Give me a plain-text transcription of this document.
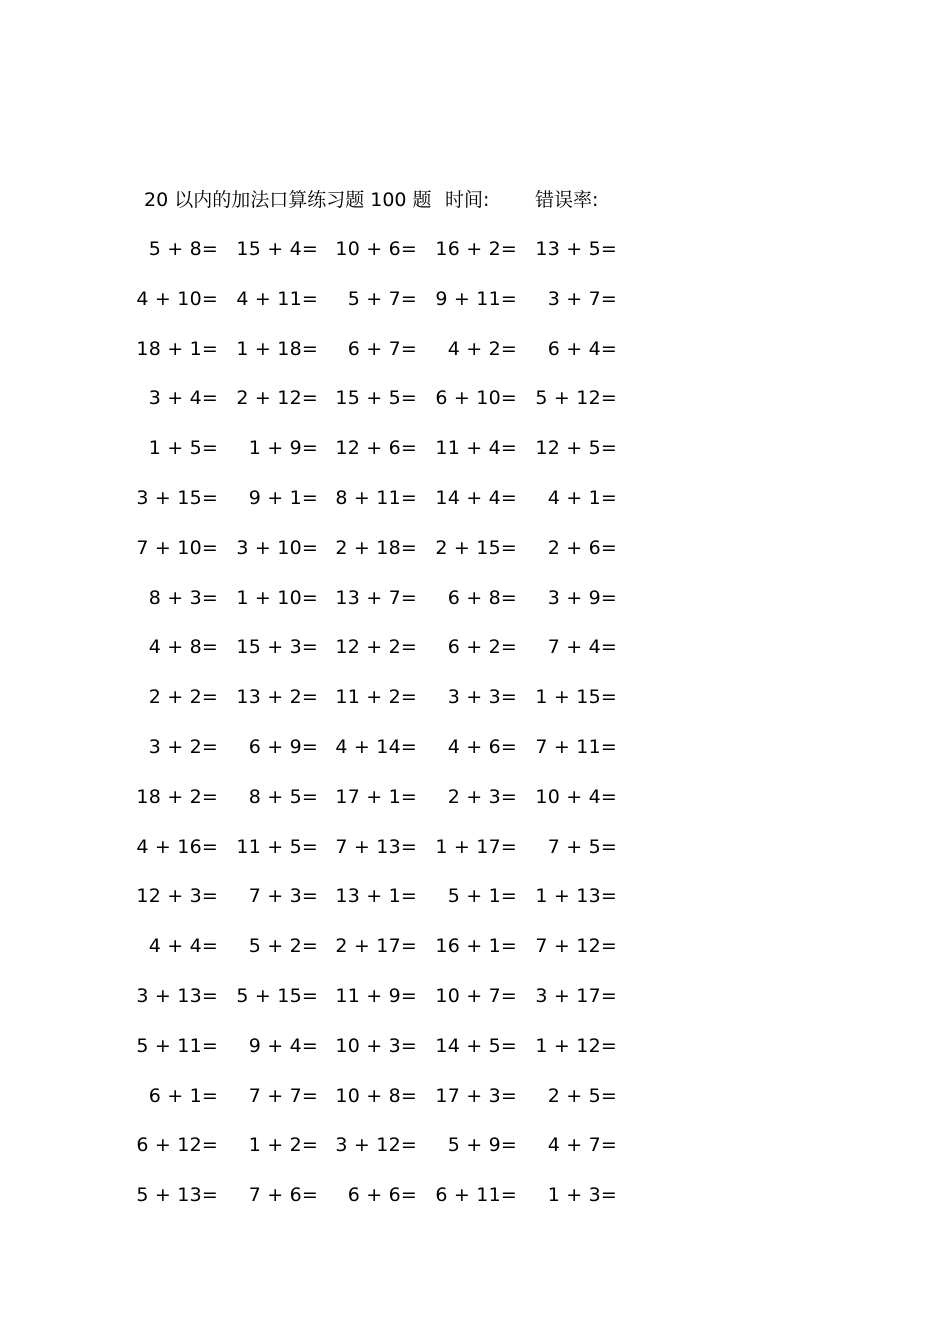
20 以内的加法口算练习题 100 题 时间: 错误率:
5 + 8= 15 + 4= 10 + 6= 16 + 2= 13 + 5=
4 + 10= 4 + 11=	5 + 7= 9 + 11=	3 + 7=
18 + 1= 1 + 18=	6 + 7=	4 + 2=	6 + 4=
3 + 4= 2 + 12= 15 + 5= 6 + 10= 5 + 12=
1 + 5=	1 + 9= 12 + 6= 11 + 4= 12 + 5=
3 + 15=	9 + 1= 8 + 11= 14 + 4=	4 + 1=
7 + 10= 3 + 10= 2 + 18= 2 + 15=	2 + 6=
8 + 3= 1 + 10= 13 + 7=	6 + 8=	3 + 9=
4 + 8= 15 + 3= 12 + 2=	6 + 2=	7 + 4=
2 + 2= 13 + 2= 11 + 2=	3 + 3= 1 + 15=
3 + 2=	6 + 9= 4 + 14=	4 + 6= 7 + 11=
18 + 2=	8 + 5= 17 + 1=	2 + 3= 10 + 4=
4 + 16= 11 + 5= 7 + 13= 1 + 17=	7 + 5=
12 + 3=	7 + 3= 13 + 1=	5 + 1= 1 + 13=
4 + 4=	5 + 2= 2 + 17= 16 + 1= 7 + 12=
3 + 13= 5 + 15= 11 + 9= 10 + 7= 3 + 17=
5 + 11=	9 + 4= 10 + 3= 14 + 5= 1 + 12=
6 + 1=	7 + 7= 10 + 8= 17 + 3=	2 + 5=
6 + 12=	1 + 2= 3 + 12=	5 + 9=	4 + 7=
5 + 13=	7 + 6=	6 + 6= 6 + 11=	1 + 3=
